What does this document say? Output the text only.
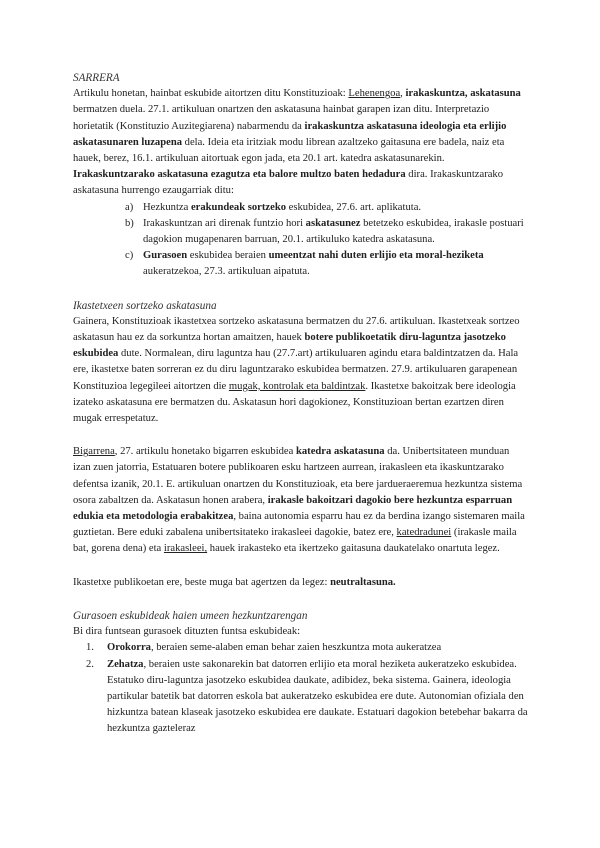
SARRERA

Artikulu honetan, hainbat eskubide aitortzen ditu Konstituzioak: Lehenengoa, irakaskuntza, askatasuna bermatzen duela. 27.1. artikuluan onartzen den askatasuna hainbat garapen izan ditu. Interpretazio horietatik (Konstituzio Auzitegiarena) nabarmendu da irakaskuntza askatasuna ideologia eta erlijio askatasunaren luzapena dela. Ideia eta iritziak modu librean azaltzeko gaitasuna ere badela, naiz eta hauek, berez, 16.1. artikuluan aitortuak egon jada, eta 20.1 art. katedra askatasunarekin. Irakaskuntzarako askatasuna ezagutza eta balore multzo baten hedadura dira. Irakaskuntzarako askatasuna hurrengo ezaugarriak ditu:

a) Hezkuntza erakundeak sortzeko eskubidea, 27.6. art. aplikatuta.
b) Irakaskuntzan ari direnak funtzio hori askatasunez betetzeko eskubidea, irakasle postuari dagokion mugapenaren barruan, 20.1. artikuluko katedra askatasuna.
c) Gurasoen eskubidea beraien umeentzat nahi duten erlijio eta moral-heziketa aukeratzekoa, 27.3. artikuluan aipatuta.
Ikastetxeen sortzeko askatasuna

Gainera, Konstituzioak ikastetxea sortzeko askatasuna bermatzen du 27.6. artikuluan. Ikastetxeak sortzeo askatasun hau ez da sorkuntza hortan amaitzen, hauek botere publikoetatik diru-laguntza jasotzeko eskubidea dute. Normalean, diru laguntza hau (27.7.art) artikuluaren agindu etara baldintzatzen da. Hala ere, ikastetxe baten sorreran ez du diru laguntzarako eskubidea bermatzen. 27.9. artikuluaren garapenean Konstituzioa legegileei aitortzen die mugak, kontrolak eta baldintzak. Ikastetxe bakoitzak bere ideologia izateko askatasuna ere bermatzen du. Askatasun hori dagokionez, Konstituzioan bertan ezartzen diren mugak errespetatuz.

Bigarrena, 27. artikulu honetako bigarren eskubidea katedra askatasuna da. Unibertsitateen munduan izan zuen jatorria, Estatuaren botere publikoaren esku hartzeen aurrean, irakasleen eta ikaskuntzarako defentsa izanik, 20.1. E. artikuluan onartzen du Konstituzioak, eta bere jardueraeremua hezkuntza sistema osora zabaltzen da. Askatasun honen arabera, irakasle bakoitzari dagokio bere hezkuntza esparruan edukia eta metodologia erabakitzea, baina autonomia esparru hau ez da berdina izango sistemaren maila guztietan. Bere eduki zabalena unibertsitateko irakasleei dagokie, batez ere, katedradunei (irakasle maila bat, gorena dena) eta irakasleei, hauek irakasteko eta ikertzeko gaitasuna daukatelako onartuta legez.

Ikastetxe publikoetan ere, beste muga bat agertzen da legez: neutraltasuna.

Gurasoen eskubideak haien umeen hezkuntzarengan

Bi dira funtsean gurasoek dituzten funtsa eskubideak:

1. Orokorra, beraien seme-alaben eman behar zaien heszkuntza mota aukeratzea
2. Zehatza, beraien uste sakonarekin bat datorren erlijio eta moral heziketa aukeratzeko eskubidea. Estatuko diru-laguntza jasotzeko eskubidea daukate, adibidez, beka sistema. Gainera, ideologia partikular batetik bat datorren eskola bat aukeratzeko eskubidea ere dute. Autonomian ofiziala den hizkuntza batean klaseak jasotzeko eskubidea ere daukate. Estatuari dagokion betebehar bakarra da hezkuntza gazteleraz
